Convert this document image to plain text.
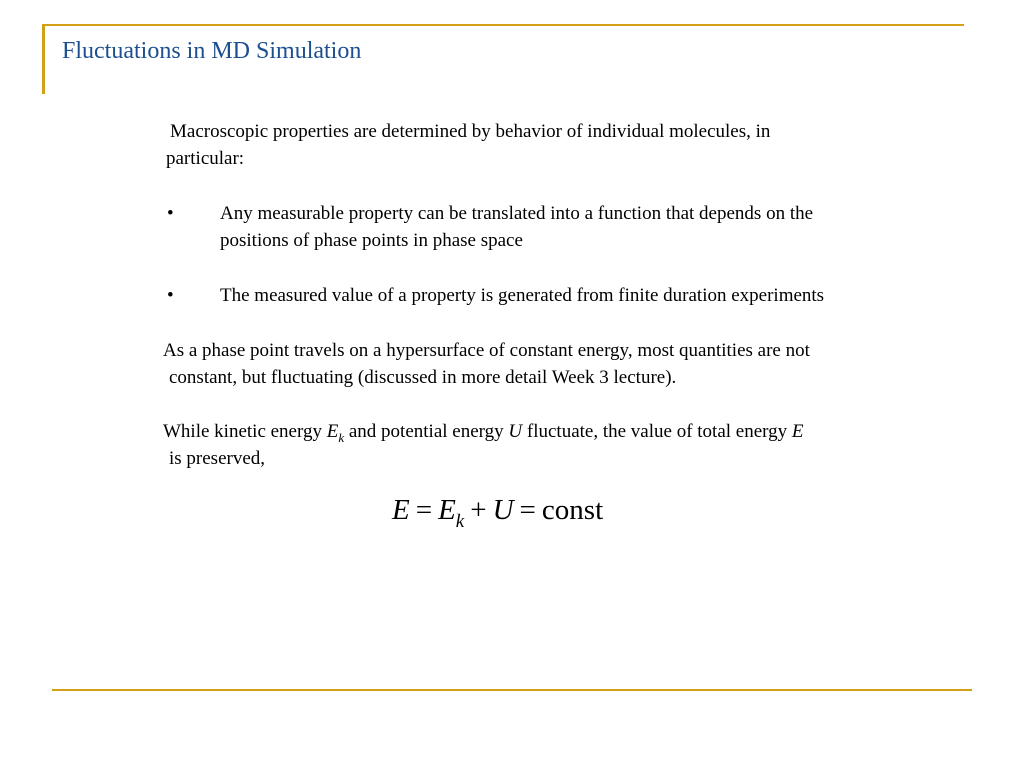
Fluctuations in MD Simulation
Macroscopic properties are determined by behavior of individual molecules, in
particular:
• Any measurable property can be translated into a function that depends on the
positions of phase points in phase space
• The measured value of a property is generated from finite duration experiments
As a phase point travels on a hypersurface of constant energy, most quantities are not
constant, but fluctuating (discussed in more detail Week 3 lecture).
While kinetic energy $E_k$ and potential energy U fluctuate, the value of total energy E
is preserved,
$E = E_k + U$ = const
